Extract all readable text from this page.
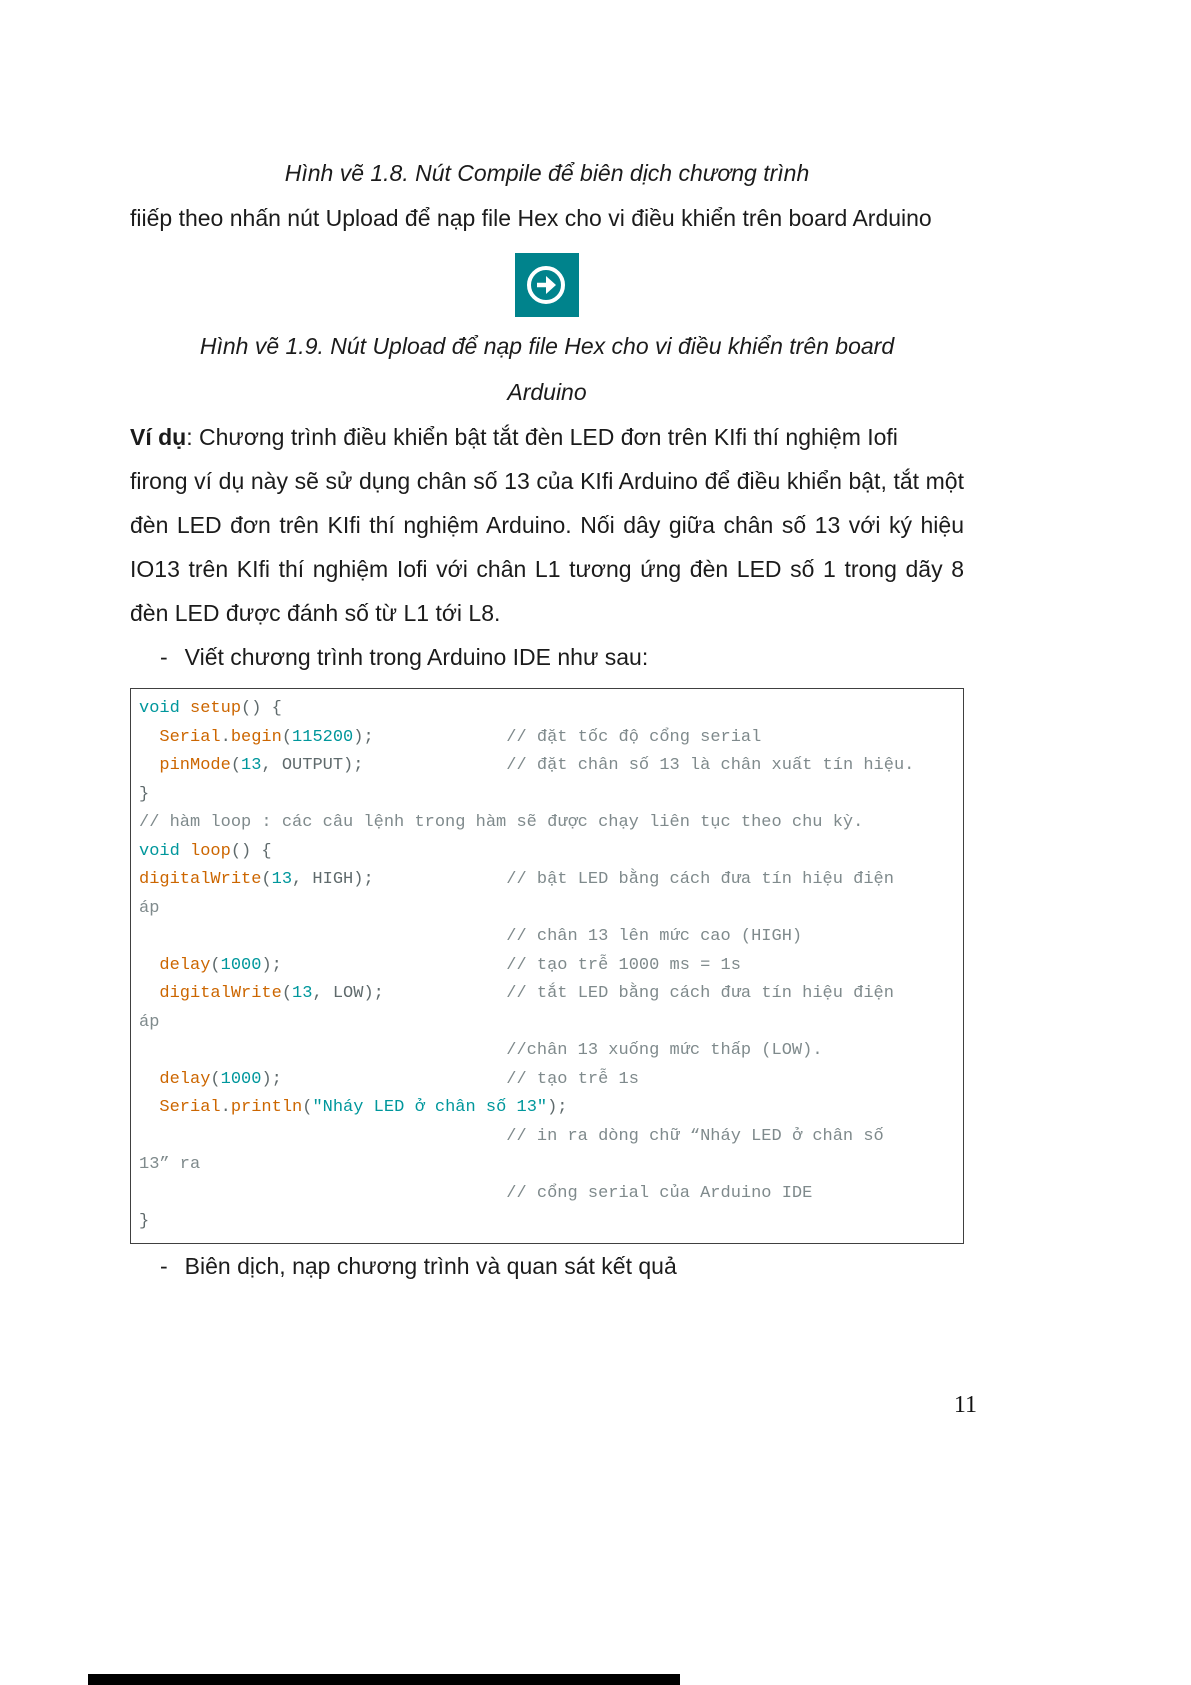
Hình vẽ 1.8. Nút Compile để biên dịch chương trình

fiiếp theo nhấn nút Upload để nạp file Hex cho vi điều khiển trên board Arduino

Hình vẽ 1.9. Nút Upload để nạp file Hex cho vi điều khiển trên board
Arduino

Ví dụ: Chương trình điều khiển bật tắt đèn LED đơn trên KIfi thí nghiệm Iofi

firong ví dụ này sẽ sử dụng chân số 13 của KIfi Arduino để điều khiển bật, tắt một đèn LED đơn trên KIfi thí nghiệm Arduino. Nối dây giữa chân số 13 với ký hiệu IO13 trên KIfi thí nghiệm Iofi với chân L1 tương ứng đèn LED số 1 trong dãy 8 đèn LED được đánh số từ L1 tới L8.

- Viết chương trình trong Arduino IDE như sau:
void setup() {
Serial.begin(115200);	// đặt tốc độ cổng serial
pinMode(13, OUTPUT);	// đặt chân số 13 là chân xuất tín hiệu.
}
// hàm loop : các câu lệnh trong hàm sẽ được chạy liên tục theo chu kỳ.
void loop() {
digitalWrite(13, HIGH);	// bật LED bằng cách đưa tín hiệu điện
áp
// chân 13 lên mức cao (HIGH)
delay(1000);	// tạo trễ 1000 ms = 1s
digitalWrite(13, LOW);	// tắt LED bằng cách đưa tín hiệu điện
áp
//chân 13 xuống mức thấp (LOW).
delay(1000);	// tạo trễ 1s
Serial.println("Nháy LED ở chân số 13");
// in ra dòng chữ “Nháy LED ở chân số
13” ra
// cổng serial của Arduino IDE
}
- Biên dịch, nạp chương trình và quan sát kết quả
11
